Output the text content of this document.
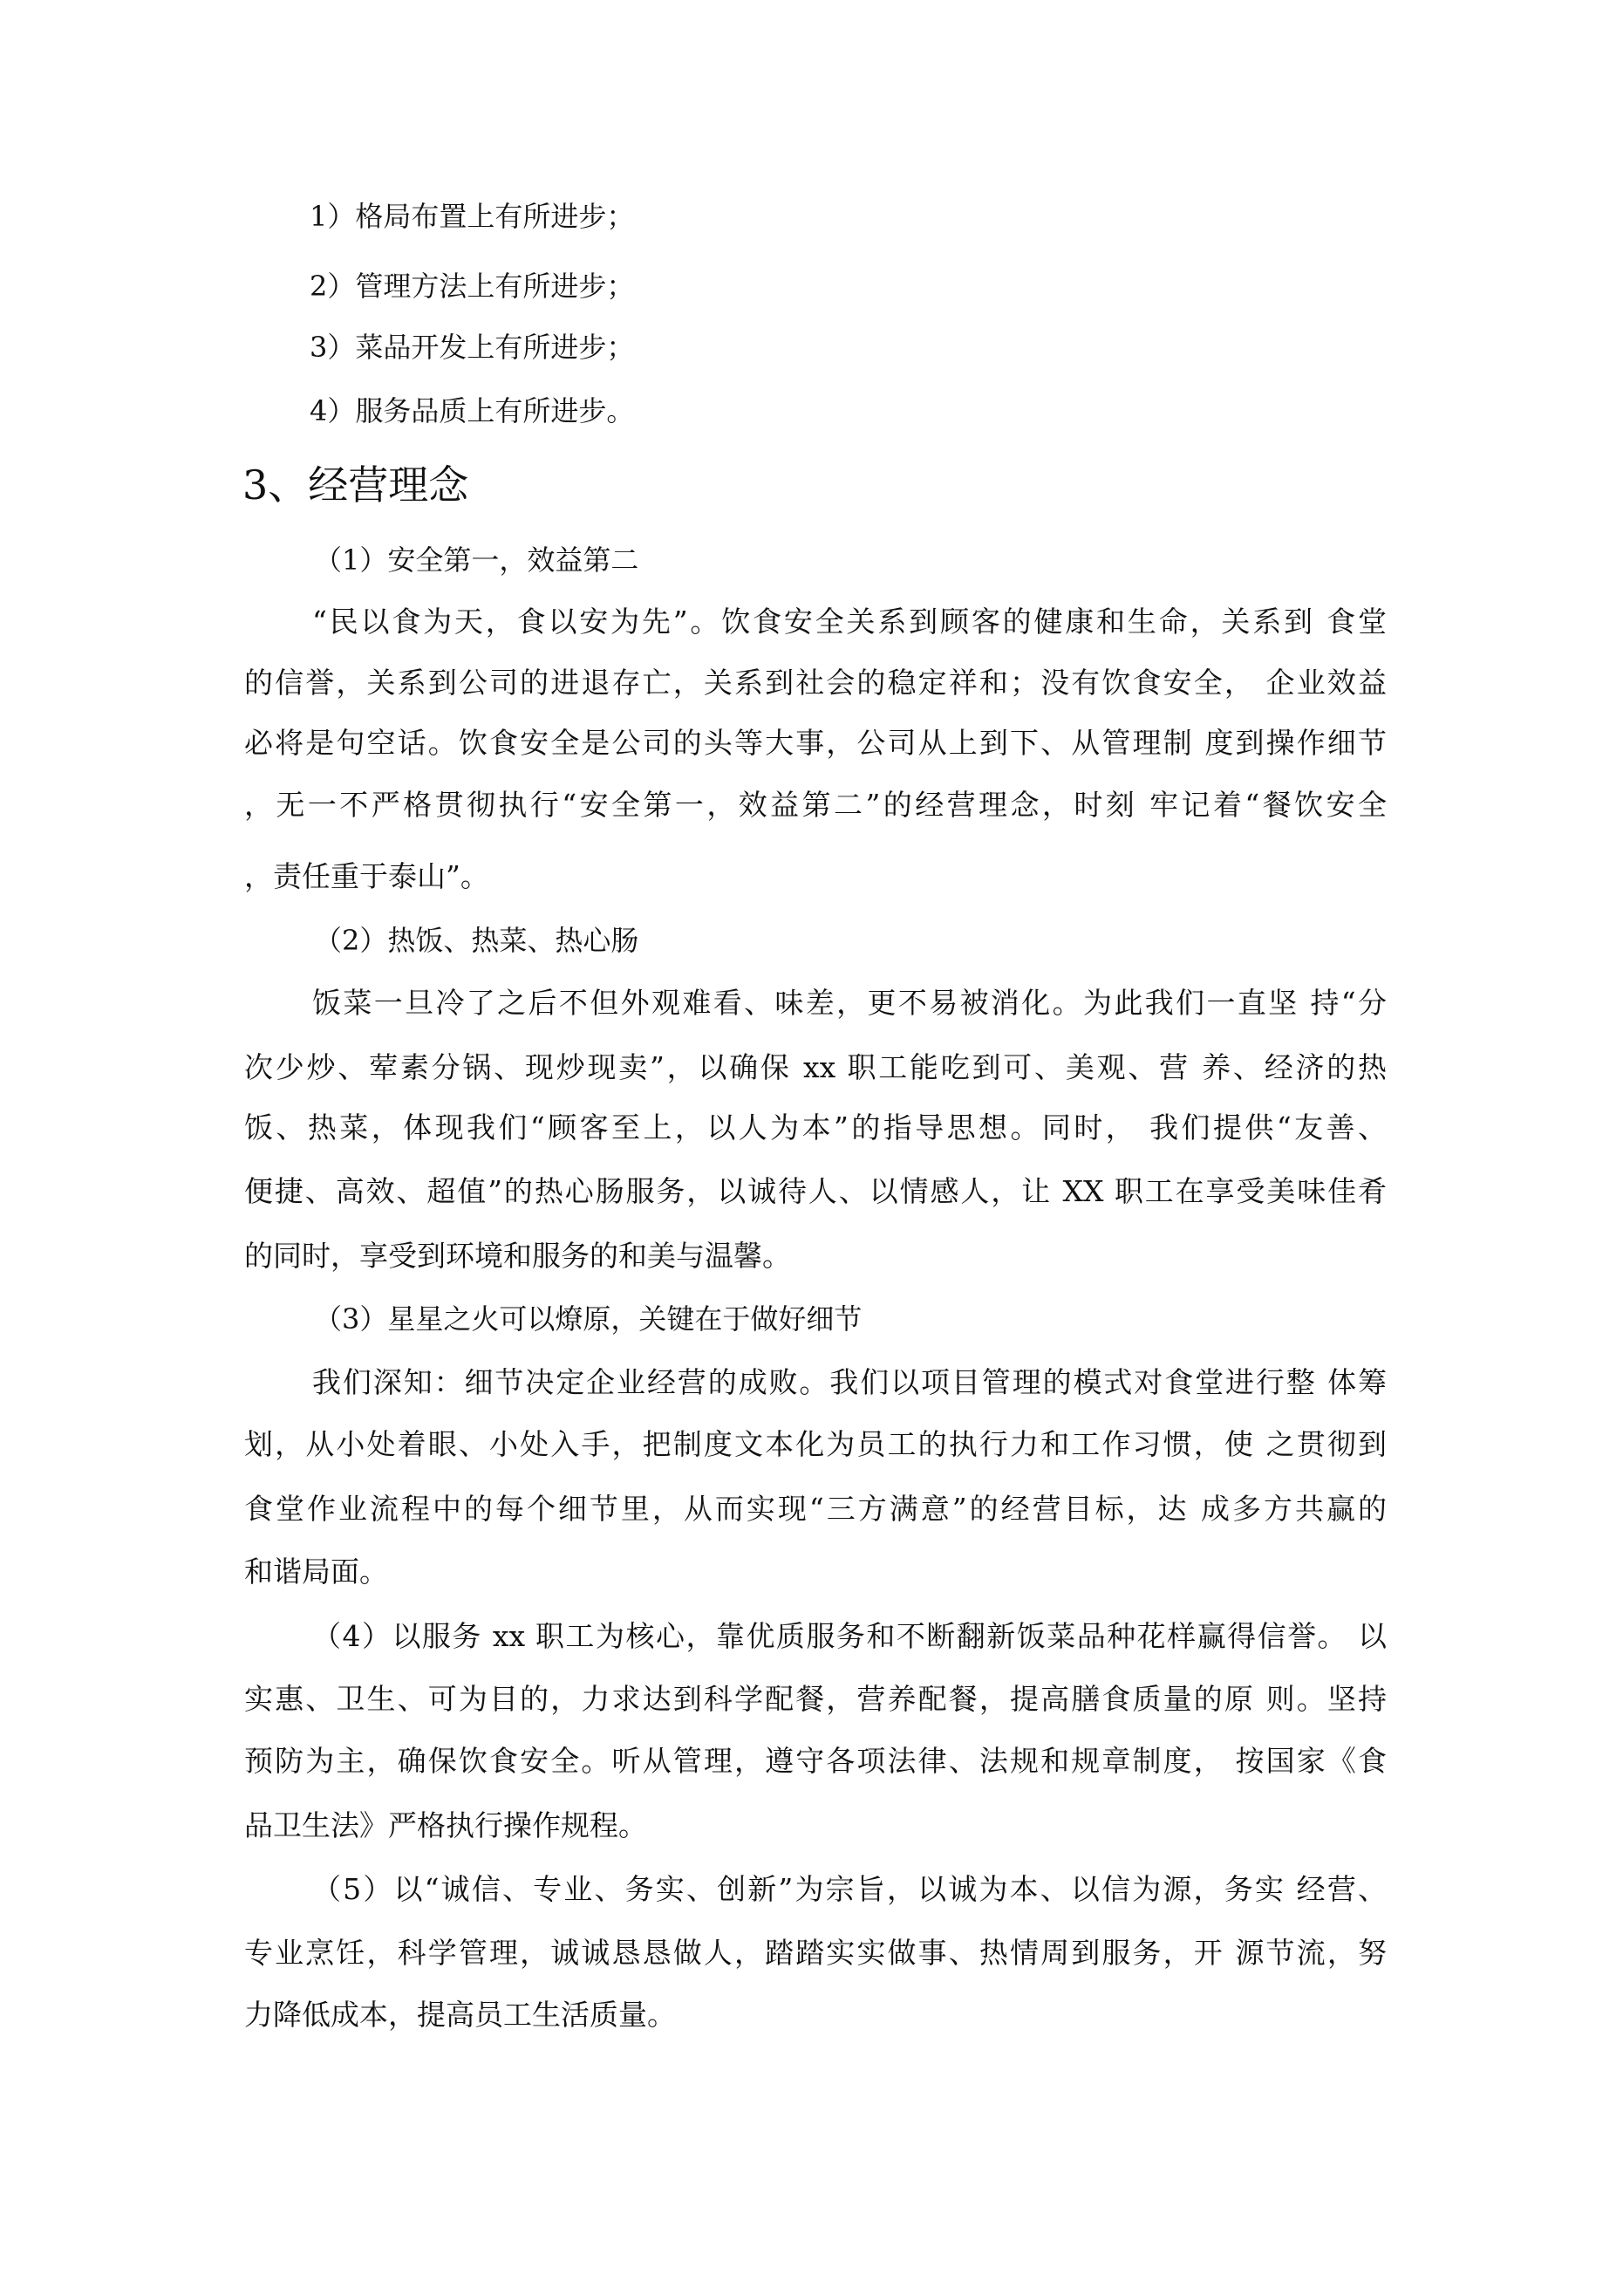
1）格局布置上有所进步；
2）管理方法上有所进步；
3）菜品开发上有所进步；
4）服务品质上有所进步。
3、经营理念
（1）安全第一，效益第二
“民以食为天，食以安为先”。饮食安全关系到顾客的健康和生命，关系到 食堂
的信誉，关系到公司的进退存亡，关系到社会的稳定祥和；没有饮食安全， 企业效益
必将是句空话。饮食安全是公司的头等大事，公司从上到下、从管理制 度到操作细节
，无一不严格贯彻执行“安全第一，效益第二”的经营理念，时刻 牢记着“餐饮安全
，责任重于泰山”。
（2）热饭、热菜、热心肠
饭菜一旦冷了之后不但外观难看、味差，更不易被消化。为此我们一直坚 持“分
次少炒、荤素分锅、现炒现卖”，以确保 xx 职工能吃到可、美观、营 养、经济的热
饭、热菜，体现我们“顾客至上，以人为本”的指导思想。同时， 我们提供“友善、
便捷、高效、超值”的热心肠服务，以诚待人、以情感人，让 XX 职工在享受美味佳肴
的同时，享受到环境和服务的和美与温馨。
（3）星星之火可以燎原，关键在于做好细节
我们深知：细节决定企业经营的成败。我们以项目管理的模式对食堂进行整 体筹
划，从小处着眼、小处入手，把制度文本化为员工的执行力和工作习惯，使 之贯彻到
食堂作业流程中的每个细节里，从而实现“三方满意”的经营目标，达 成多方共赢的
和谐局面。
（4）以服务 xx 职工为核心，靠优质服务和不断翻新饭菜品种花样赢得信誉。 以
实惠、卫生、可为目的，力求达到科学配餐，营养配餐，提高膳食质量的原 则。坚持
预防为主，确保饮食安全。听从管理，遵守各项法律、法规和规章制度， 按国家《食
品卫生法》严格执行操作规程。
（5）以“诚信、专业、务实、创新”为宗旨，以诚为本、以信为源，务实 经营、
专业烹饪，科学管理，诚诚恳恳做人，踏踏实实做事、热情周到服务，开 源节流，努
力降低成本，提高员工生活质量。
